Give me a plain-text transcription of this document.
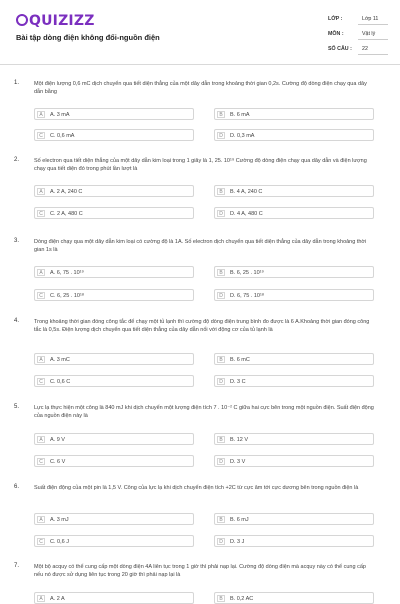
QUIZIZZ
Bài tập dòng điện không đổi-nguồn điện
LỚP :	Lớp 11
MÔN :	Vật lý
SỐ CÂU : 22
1.	Một điện lượng 0,6 mC dịch chuyển qua tiết diện thẳng của một dây dẫn trong khoảng thời gian 0,2s. Cường độ dòng điện chạy qua dây dẫn bằng
A	A. 3 mA	B	B. 6 mA
C	C. 0,6 mA	D	D. 0,3 mA
2.	Số electron qua tiết diện thẳng của một dây dẫn kim loại trong 1 giây là 1, 25. 10¹⁹ Cường độ dòng điện chạy qua dây dẫn và điện lượng chạy qua tiết diện đó trong phút lần lượt là
A	A. 2 A, 240 C	B	B. 4 A, 240 C
C	C. 2 A, 480 C	D	D. 4 A, 480 C
3.	Dòng điện chạy qua một dây dẫn kim loại có cường độ là 1A. Số electron dịch chuyển qua tiết diện thẳng của dây dẫn trong khoảng thời gian 1s là
A	A. 6, 75 . 10¹⁹	B	B. 6, 25 . 10¹⁹
C	C. 6, 25 . 10¹⁸	D	D. 6, 75 . 10¹⁸
4.	Trong khoảng thời gian đóng công tắc để chạy một tủ lạnh thì cường độ dòng điện trung bình đo được là 6 A.Khoảng thời gian đóng công tắc là 0,5s. Điện lượng dịch chuyển qua tiết diện thẳng của dây dẫn nối với động cơ của tủ lạnh là
A	A. 3 mC	B	B. 6 mC
C	C. 0,6 C	D	D. 3 C
5.	Lực lạ thực hiện một công là 840 mJ khi dịch chuyển một lượng điện tích 7 . 10⁻² C giữa hai cực bên trong một nguồn điện. Suất điện động của nguồn điện này là
A	A. 9 V	B	B. 12 V
C	C. 6 V	D	D. 3 V
6.	Suất điện động của một pin là 1,5 V. Công của lực lạ khi dịch chuyển điện tích +2C từ cực âm tới cực dương bên trong nguồn điện là
A	A. 3 mJ	B	B. 6 mJ
C	C. 0,6 J	D	D. 3 J
7.	Một bộ acquy có thể cung cấp một dòng điện 4A liên tục trong 1 giờ thì phải nạp lại. Cường độ dòng điện mà acquy này có thể cung cấp nếu nó được sử dụng liên tục trong 20 giờ thì phải nạp lại là
A	A. 2 A	B	B. 0,2 AC
